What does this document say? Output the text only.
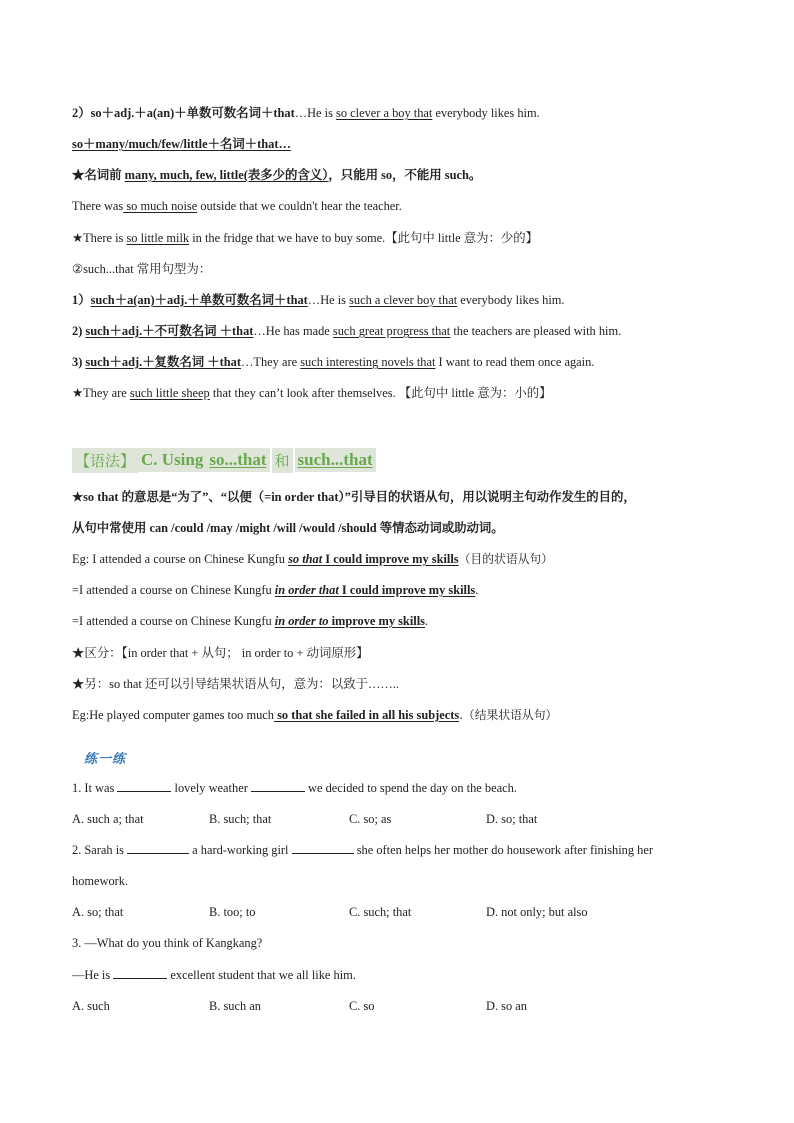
2）so＋adj.＋a(an)＋单数可数名词＋that…He is so clever a boy that everybody likes him.
so＋many/much/few/little＋名词＋that…
★名词前 many, much, few, little(表多少的含义），只能用 so，不能用 such。
There was so much noise outside that we couldn't hear the teacher.
★There is so little milk in the fridge that we have to buy some.【此句中 little 意为：少的】
②such...that 常用句型为：
1）such＋a(an)＋adj.＋单数可数名词＋that…He is such a clever boy that everybody likes him.
2) such＋adj.＋不可数名词 ＋that…He has made such great progress that the teachers are pleased with him.
3) such＋adj.＋复数名词 ＋that…They are such interesting novels that I want to read them once again.
★They are such little sheep that they can’t look after themselves. 【此句中 little 意为：小的】
【语法】 C. Using so...that 和 such...that
★so that 的意思是“为了”、“以便（=in order that）”引导目的状语从句，用以说明主句动作发生的目的，
从句中常使用 can /could /may /might /will /would /should 等情态动词或助动词。
Eg: I attended a course on Chinese Kungfu so that I could improve my skills（目的状语从句）
=I attended a course on Chinese Kungfu in order that I could improve my skills.
=I attended a course on Chinese Kungfu in order to improve my skills.
★区分：【in order that + 从句； in order to + 动词原形】
★另：so that 还可以引导结果状语从句，意为：以致于……..
Eg:He played computer games too much so that she failed in all his subjects.（结果状语从句）
练一练
1. It was	lovely weather	we decided to spend the day on the beach.
A. such a; that	B. such; that	C. so; as	D. so; that
2. Sarah is	a hard-working girl	she often helps her mother do housework after finishing her
homework.
A. so; that	B. too; to	C. such; that	D. not only; but also
3. —What do you think of Kangkang?
—He is	excellent student that we all like him.
A. such	B. such an	C. so	D. so an
